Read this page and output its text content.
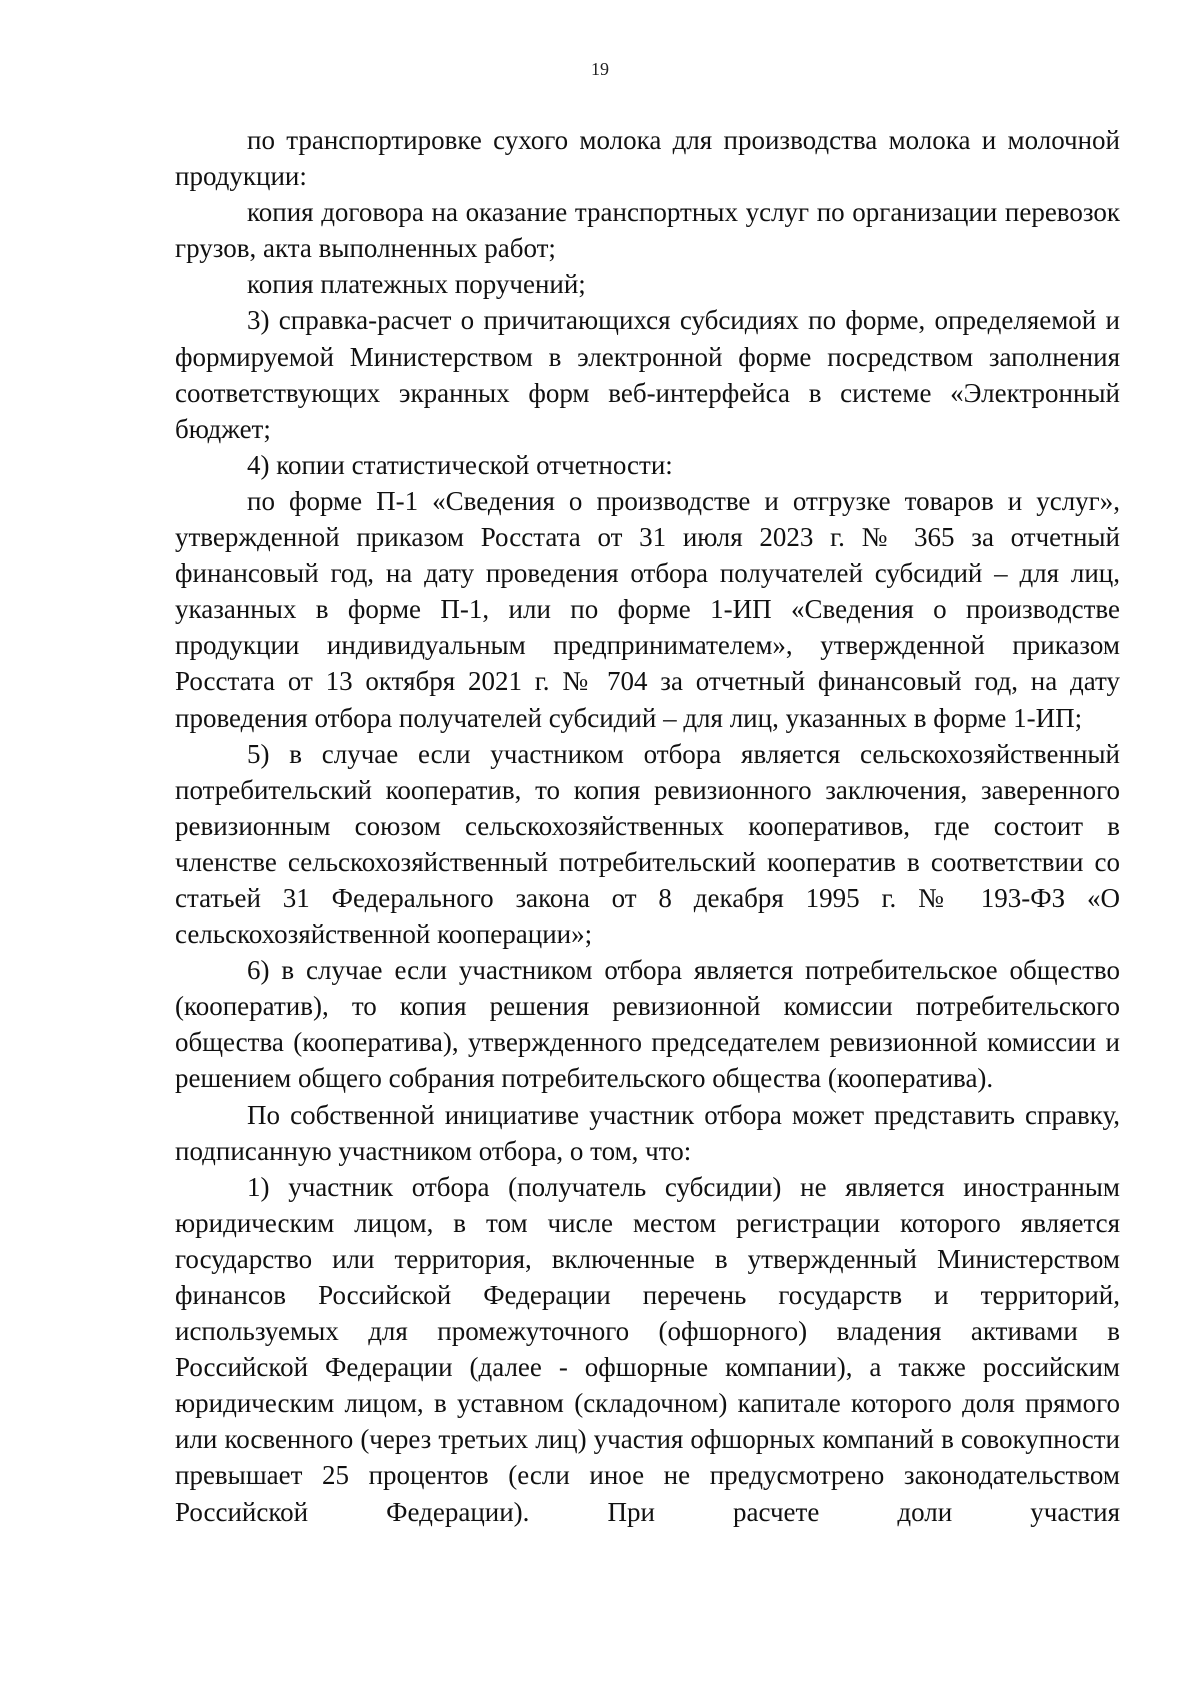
19

по транспортировке сухого молока для производства молока и молочной продукции:

копия договора на оказание транспортных услуг по организации перевозок грузов, акта выполненных работ;

копия платежных поручений;

3) справка-расчет о причитающихся субсидиях по форме, определяемой и формируемой Министерством в электронной форме посредством заполнения соответствующих экранных форм веб-интерфейса в системе «Электронный бюджет;

4) копии статистической отчетности:

по форме П-1 «Сведения о производстве и отгрузке товаров и услуг», утвержденной приказом Росстата от 31 июля 2023 г. № 365 за отчетный финансовый год, на дату проведения отбора получателей субсидий – для лиц, указанных в форме П-1, или по форме 1-ИП «Сведения о производстве продукции индивидуальным предпринимателем», утвержденной приказом Росстата от 13 октября 2021 г. № 704 за отчетный финансовый год, на дату проведения отбора получателей субсидий – для лиц, указанных в форме 1-ИП;

5) в случае если участником отбора является сельскохозяйственный потребительский кооператив, то копия ревизионного заключения, заверенного ревизионным союзом сельскохозяйственных кооперативов, где состоит в членстве сельскохозяйственный потребительский кооператив в соответствии со статьей 31 Федерального закона от 8 декабря 1995 г. № 193-ФЗ «О сельскохозяйственной кооперации»;

6) в случае если участником отбора является потребительское общество (кооператив), то копия решения ревизионной комиссии потребительского общества (кооператива), утвержденного председателем ревизионной комиссии и решением общего собрания потребительского общества (кооператива).

По собственной инициативе участник отбора может представить справку, подписанную участником отбора, о том, что:

1) участник отбора (получатель субсидии) не является иностранным юридическим лицом, в том числе местом регистрации которого является государство или территория, включенные в утвержденный Министерством финансов Российской Федерации перечень государств и территорий, используемых для промежуточного (офшорного) владения активами в Российской Федерации (далее - офшорные компании), а также российским юридическим лицом, в уставном (складочном) капитале которого доля прямого или косвенного (через третьих лиц) участия офшорных компаний в совокупности превышает 25 процентов (если иное не предусмотрено законодательством Российской Федерации). При расчете доли участия
